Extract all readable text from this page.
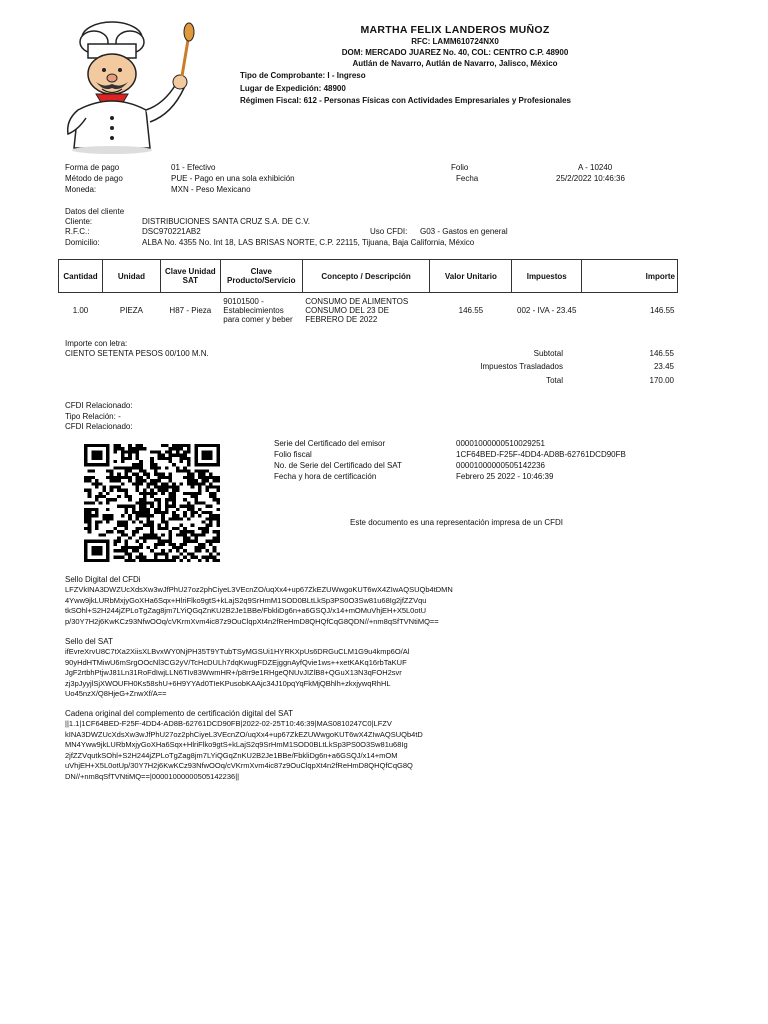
MARTHA FELIX LANDEROS MUÑOZ
RFC: LAMM610724NX0
DOM: MERCADO JUAREZ No. 40, COL: CENTRO C.P. 48900
Autlán de Navarro, Autlán de Navarro, Jalisco, México
Tipo de Comprobante: I - Ingreso
Lugar de Expedición: 48900
Régimen Fiscal: 612 - Personas Físicas con Actividades Empresariales y Profesionales
Forma de pago	01 - Efectivo
Método de pago	PUE - Pago en una sola exhibición
Moneda:	MXN - Peso Mexicano
Folio	A - 10240
Fecha	25/2/2022 10:46:36
Datos del cliente
Cliente:	DISTRIBUCIONES SANTA CRUZ S.A. DE C.V.
R.F.C.:	DSC970221AB2	Uso CFDI: G03 - Gastos en general
Domicilio:	ALBA No. 4355 No. Int 18, LAS BRISAS NORTE, C.P. 22115, Tijuana, Baja California, México
Cantidad	Unidad	Clave Unidad SAT	Clave Producto/Servicio	Concepto / Descripción	Valor Unitario	Impuestos	Importe
1.00	PIEZA	H87 - Pieza	90101500 - Establecimientos para comer y beber	CONSUMO DE ALIMENTOS CONSUMO DEL 23 DE FEBRERO DE 2022	146.55	002 - IVA - 23.45	146.55
Importe con letra:
CIENTO SETENTA PESOS 00/100 M.N.	Subtotal	146.55
Impuestos Trasladados	23.45
Total	170.00
CFDI Relacionado:
Tipo Relación: -
CFDI Relacionado:
Serie del Certificado del emisor	00001000000510029251
Folio fiscal	1CF64BED-F25F-4DD4-AD8B-62761DCD90FB
No. de Serie del Certificado del SAT	00001000000505142236
Fecha y hora de certificación	Febrero 25 2022 - 10:46:39
Este documento es una representación impresa de un CFDI
Sello Digital del CFDi
LFZVkINA3DWZUcXdsXw3wJfPhU27oz2phCiyeL3VEcnZO/uqXx4+up67ZkEZUWwgoKUT6wX4ZIwAQSUQb4tDMN
4Yww9jkLURbMxjyGoXHa6Sqx+HlriFlko9gtS+kLajS2q9SrHmM1SOD0BLtLkSp3PS0O3Sw81u68Ig2jfZZVqu
tkSOhl+S2H244jZPLoTgZag8jm7LYiQGqZnKU2B2Je1BBe/FbkliDg6n+a6GSQJ/x14+mOMuVhjEH+X5L0otU
p/30Y7H2j6KwKCz93NfwOOq/cVKrmXvm4ic87z9OuClqpXt4n2fReHmD8QHQfCqG8QDN//+nm8qSfTVNtiMQ==
Sello del SAT
ifEvreXrvU8C7tXa2XiisXLBvxWY0NjPH35T9YTubTSyMGSUi1HYRKXpUs6DRGuCLM1G9u4kmp6O/Al
90yHdHTMiwU6mSrgOOcNl3CG2yV/TcHcDULh7dqKwugFDZEjggnAyfQvie1ws++xetKAKq16rbTaKUF
JgF2rtbhPtjwJ81Ln31RoFdIwjLLN6TIv83WwmHR+/p8rr9e1RHgeQNUvJIZlB8+QGuX13N3qFOH2svr
zj3pJyyjlSjXWOUFH0Ks58shU+6H9YYAd0TIeKPusobKAAjc34J10pqYqFkMjQBhlh+zkxjywqRhHL
Uo45nzX/Q8HjeG+ZnwXf/A==
Cadena original del complemento de certificación digital del SAT
||1.1|1CF64BED-F25F-4DD4-AD8B-62761DCD90FB|2022-02-25T10:46:39|MAS0810247C0|LFZV
kINA3DWZUcXdsXw3wJfPhU27oz2phCiyeL3VEcnZO/uqXx4+up67ZkEZUWwgoKUT6wX4ZIwAQSUQb4tD
MN4Yww9jkLURbMxjyGoXHa6Sqx+HlriFlko9gtS+kLajS2q9SrHmM1SOD0BLtLkSp3PS0O3Sw81u68Ig
2jfZZVqutkSOhl+S2H244jZPLoTgZag8jm7LYiQGqZnKU2B2Je1BBe/FbkliDg6n+a6GSQJ/x14+mOM
uVhjEH+X5L0otUp/30Y7H2j6KwKCz93NfwOOq/cVKrmXvm4ic87z9OuClqpXt4n2fReHmD8QHQfCqG8Q
DN//+nm8qSfTVNtiMQ==|00001000000505142236||
